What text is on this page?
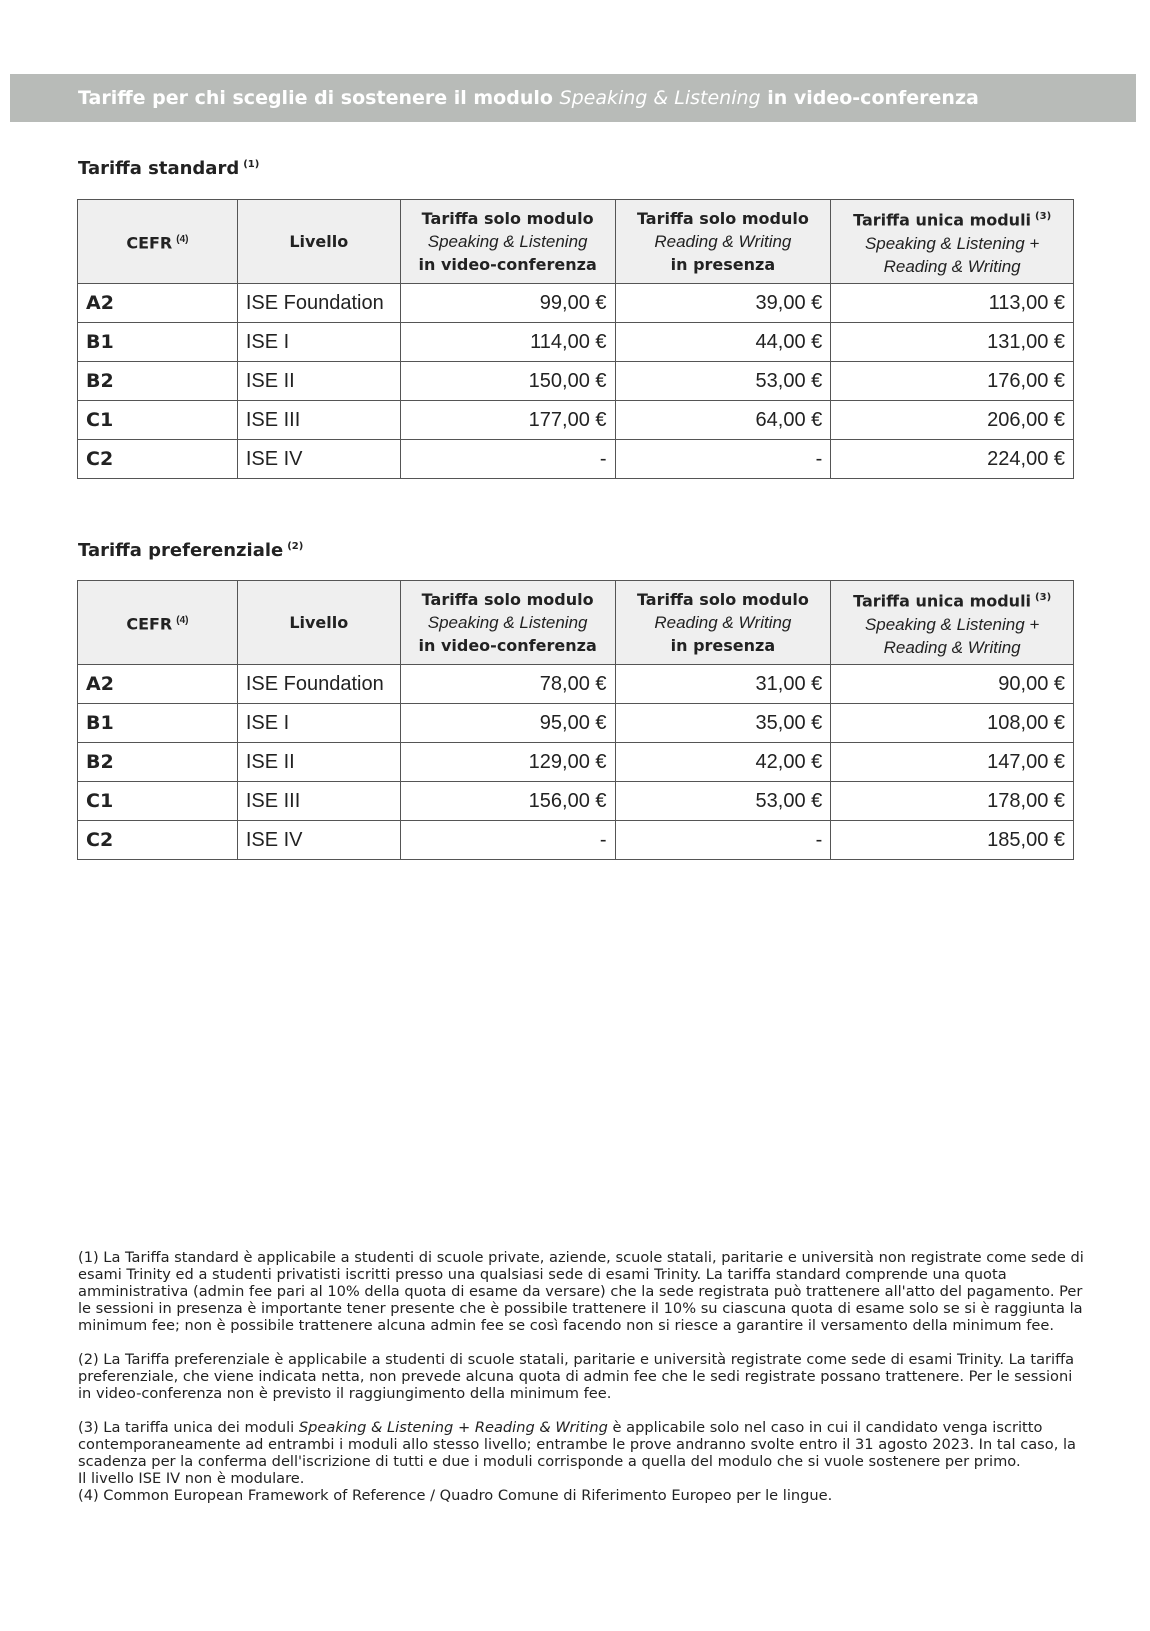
Tariffe per chi sceglie di sostenere il modulo Speaking & Listening in video-conferenza
Tariffa standard $^{(1)}$
CEFR $^{(4)}$	Livello	Tariffa solo modulo
Speaking & Listening
in video-conferenza	Tariffa solo modulo
Reading & Writing
in presenza	Tariffa unica moduli $^{(3)}$
Speaking & Listening +
Reading & Writing

A2	ISE Foundation	99,00 €	39,00 €	113,00 €
B1	ISE I	114,00 €	44,00 €	131,00 €
B2	ISE II	150,00 €	53,00 €	176,00 €
C1	ISE III	177,00 €	64,00 €	206,00 €
C2	ISE IV	-	-	224,00 €
Tariffa preferenziale $^{(2)}$
CEFR $^{(4)}$	Livello	Tariffa solo modulo
Speaking & Listening
in video-conferenza	Tariffa solo modulo
Reading & Writing
in presenza	Tariffa unica moduli $^{(3)}$
Speaking & Listening +
Reading & Writing

A2	ISE Foundation	78,00 €	31,00 €	90,00 €
B1	ISE I	95,00 €	35,00 €	108,00 €
B2	ISE II	129,00 €	42,00 €	147,00 €
C1	ISE III	156,00 €	53,00 €	178,00 €
C2	ISE IV	-	-	185,00 €

(1) La Tariffa standard è applicabile a studenti di scuole private, aziende, scuole statali, paritarie e università non registrate come sede di esami Trinity ed a studenti privatisti iscritti presso una qualsiasi sede di esami Trinity. La tariffa standard comprende una quota amministrativa (admin fee pari al 10% della quota di esame da versare) che la sede registrata può trattenere all'atto del pagamento. Per le sessioni in presenza è importante tener presente che è possibile trattenere il 10% su ciascuna quota di esame solo se si è raggiunta la minimum fee; non è possibile trattenere alcuna admin fee se così facendo non si riesce a garantire il versamento della minimum fee.

(2) La Tariffa preferenziale è applicabile a studenti di scuole statali, paritarie e università registrate come sede di esami Trinity. La tariffa preferenziale, che viene indicata netta, non prevede alcuna quota di admin fee che le sedi registrate possano trattenere. Per le sessioni in video-conferenza non è previsto il raggiungimento della minimum fee.

(3) La tariffa unica dei moduli Speaking & Listening + Reading & Writing è applicabile solo nel caso in cui il candidato venga iscritto contemporaneamente ad entrambi i moduli allo stesso livello; entrambe le prove andranno svolte entro il 31 agosto 2023. In tal caso, la scadenza per la conferma dell'iscrizione di tutti e due i moduli corrisponde a quella del modulo che si vuole sostenere per primo.

Il livello ISE IV non è modulare.

(4) Common European Framework of Reference / Quadro Comune di Riferimento Europeo per le lingue.
